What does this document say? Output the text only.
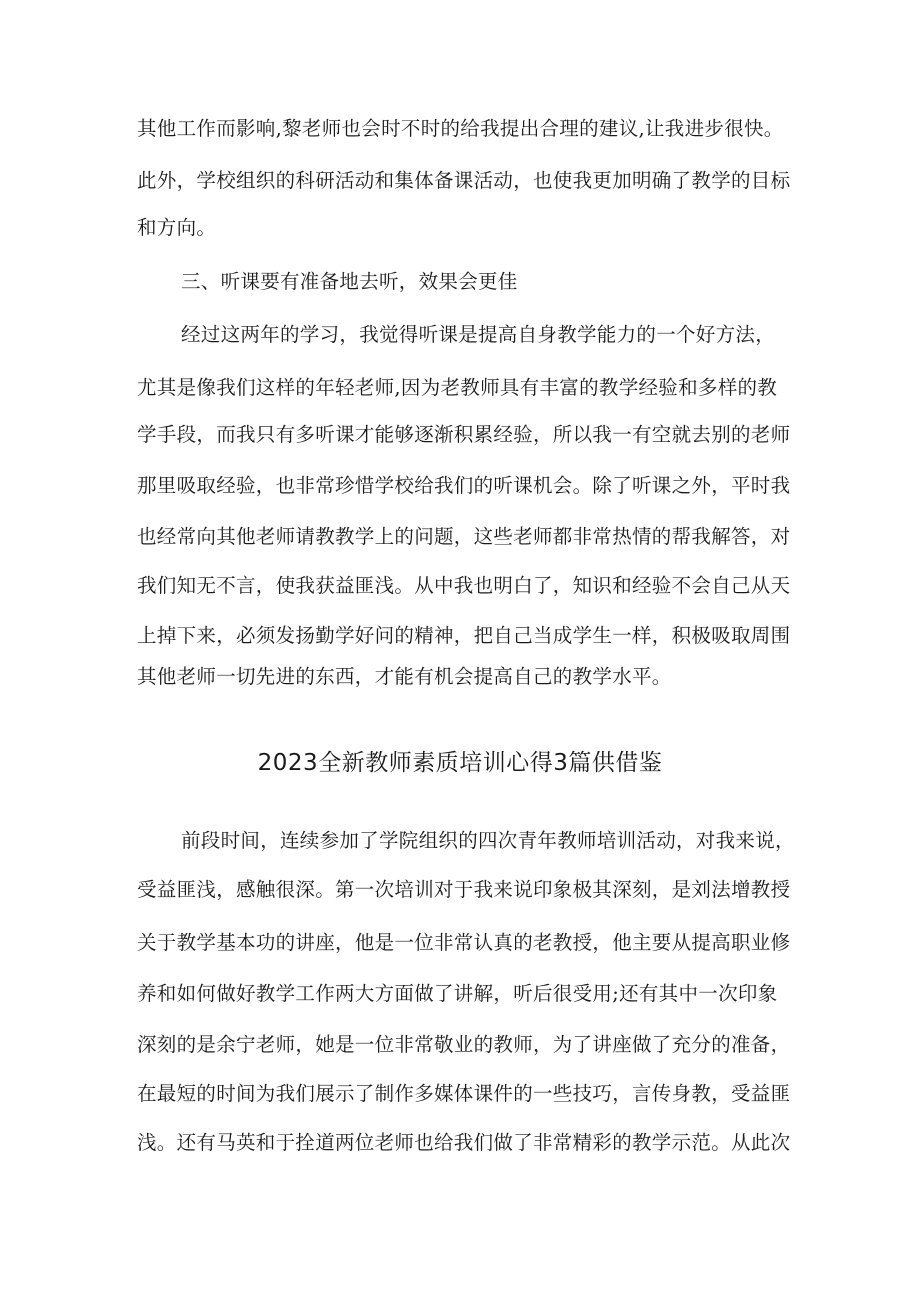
其他工作而影响,黎老师也会时不时的给我提出合理的建议,让我进步很快。
此外，学校组织的科研活动和集体备课活动，也使我更加明确了教学的目标
和方向。
三、听课要有准备地去听，效果会更佳
经过这两年的学习，我觉得听课是提高自身教学能力的一个好方法，
尤其是像我们这样的年轻老师,因为老教师具有丰富的教学经验和多样的教
学手段，而我只有多听课才能够逐渐积累经验，所以我一有空就去别的老师
那里吸取经验，也非常珍惜学校给我们的听课机会。除了听课之外，平时我
也经常向其他老师请教教学上的问题，这些老师都非常热情的帮我解答，对
我们知无不言，使我获益匪浅。从中我也明白了，知识和经验不会自己从天
上掉下来，必须发扬勤学好问的精神，把自己当成学生一样，积极吸取周围
其他老师一切先进的东西，才能有机会提高自己的教学水平。
2023全新教师素质培训心得3篇供借鉴
前段时间，连续参加了学院组织的四次青年教师培训活动，对我来说，
受益匪浅，感触很深。第一次培训对于我来说印象极其深刻，是刘法增教授
关于教学基本功的讲座，他是一位非常认真的老教授，他主要从提高职业修
养和如何做好教学工作两大方面做了讲解，听后很受用;还有其中一次印象
深刻的是余宁老师，她是一位非常敬业的教师，为了讲座做了充分的准备，
在最短的时间为我们展示了制作多媒体课件的一些技巧，言传身教，受益匪
浅。还有马英和于拴道两位老师也给我们做了非常精彩的教学示范。从此次
